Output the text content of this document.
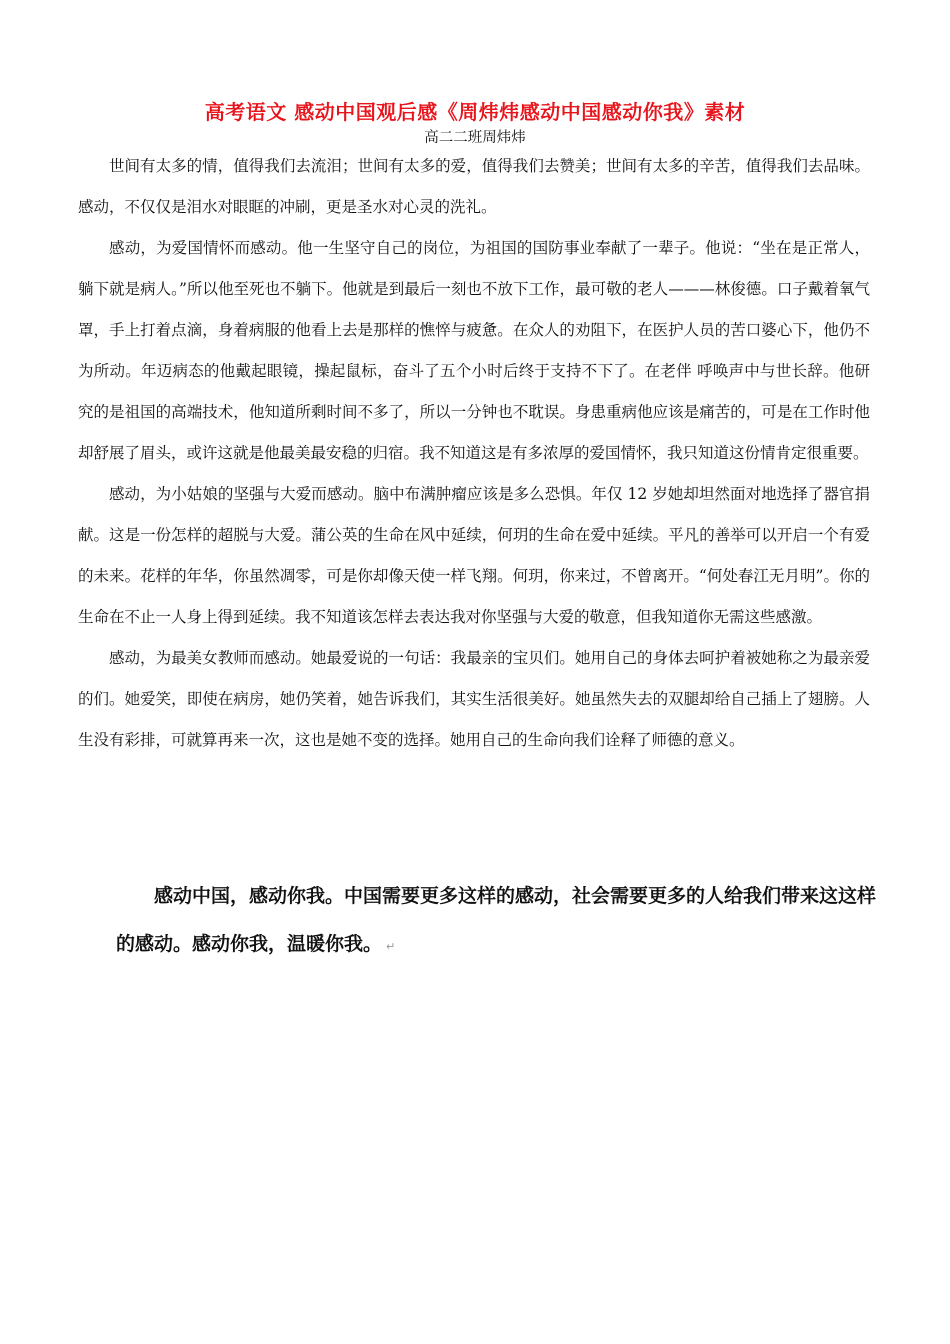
高考语文 感动中国观后感《周炜炜感动中国感动你我》素材
高二二班周炜炜

世间有太多的情，值得我们去流泪；世间有太多的爱，值得我们去赞美；世间有太多的辛苦，值得我们去品味。感动，不仅仅是泪水对眼眶的冲刷，更是圣水对心灵的洗礼。

感动，为爱国情怀而感动。他一生坚守自己的岗位，为祖国的国防事业奉献了一辈子。他说：“坐在是正常人，躺下就是病人。”所以他至死也不躺下。他就是到最后一刻也不放下工作，最可敬的老人———林俊德。口子戴着氧气罩，手上打着点滴，身着病服的他看上去是那样的憔悴与疲惫。在众人的劝阻下，在医护人员的苦口婆心下，他仍不为所动。年迈病态的他戴起眼镜，操起鼠标，奋斗了五个小时后终于支持不下了。在老伴 呼唤声中与世长辞。他研究的是祖国的高端技术，他知道所剩时间不多了，所以一分钟也不耽误。身患重病他应该是痛苦的，可是在工作时他却舒展了眉头，或许这就是他最美最安稳的归宿。我不知道这是有多浓厚的爱国情怀，我只知道这份情肯定很重要。

感动，为小姑娘的坚强与大爱而感动。脑中布满肿瘤应该是多么恐惧。年仅 12 岁她却坦然面对地选择了器官捐献。这是一份怎样的超脱与大爱。蒲公英的生命在风中延续，何玥的生命在爱中延续。平凡的善举可以开启一个有爱的未来。花样的年华，你虽然凋零，可是你却像天使一样飞翔。何玥，你来过，不曾离开。“何处春江无月明”。你的生命在不止一人身上得到延续。我不知道该怎样去表达我对你坚强与大爱的敬意，但我知道你无需这些感激。

感动，为最美女教师而感动。她最爱说的一句话：我最亲的宝贝们。她用自己的身体去呵护着被她称之为最亲爱的们。她爱笑，即使在病房，她仍笑着，她告诉我们，其实生活很美好。她虽然失去的双腿却给自己插上了翅膀。人生没有彩排，可就算再来一次，这也是她不变的选择。她用自己的生命向我们诠释了师德的意义。

感动中国，感动你我。中国需要更多这样的感动，社会需要更多的人给我们带来这这样的感动。感动你我，温暖你我。 ↵
